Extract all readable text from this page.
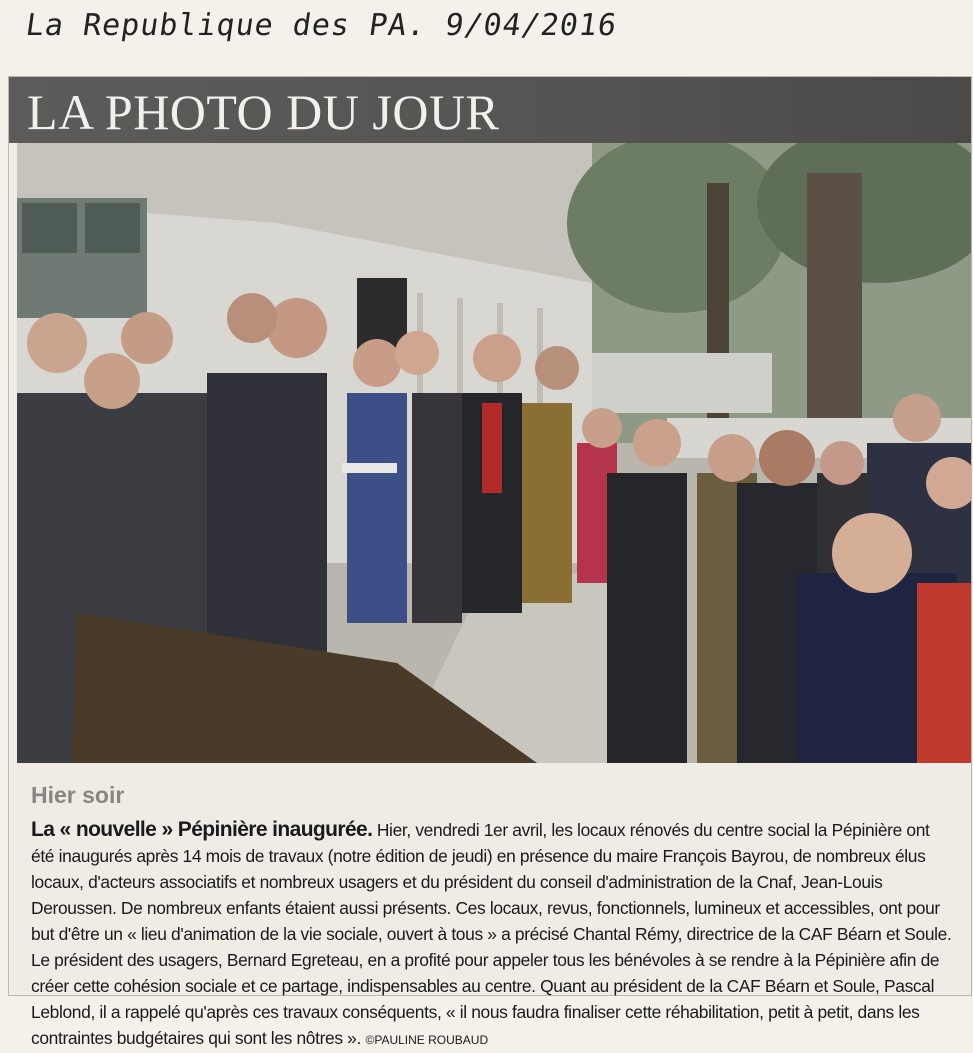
La Republique des PA. 9/04/2016
LA PHOTO DU JOUR
Hier soir
La « nouvelle » Pépinière inaugurée. Hier, vendredi 1er avril, les locaux rénovés du centre social la Pépinière ont été inaugurés après 14 mois de travaux (notre édition de jeudi) en présence du maire François Bayrou, de nombreux élus locaux, d'acteurs associatifs et nombreux usagers et du président du conseil d'administration de la Cnaf, Jean-Louis Deroussen. De nombreux enfants étaient aussi présents. Ces locaux, revus, fonctionnels, lumineux et accessibles, ont pour but d'être un « lieu d'animation de la vie sociale, ouvert à tous » a précisé Chantal Rémy, directrice de la CAF Béarn et Soule. Le président des usagers, Bernard Egreteau, en a profité pour appeler tous les bénévoles à se rendre à la Pépinière afin de créer cette cohésion sociale et ce partage, indispensables au centre. Quant au président de la CAF Béarn et Soule, Pascal Leblond, il a rappelé qu'après ces travaux conséquents, « il nous faudra finaliser cette réhabilitation, petit à petit, dans les contraintes budgétaires qui sont les nôtres ». ©PAULINE ROUBAUD
